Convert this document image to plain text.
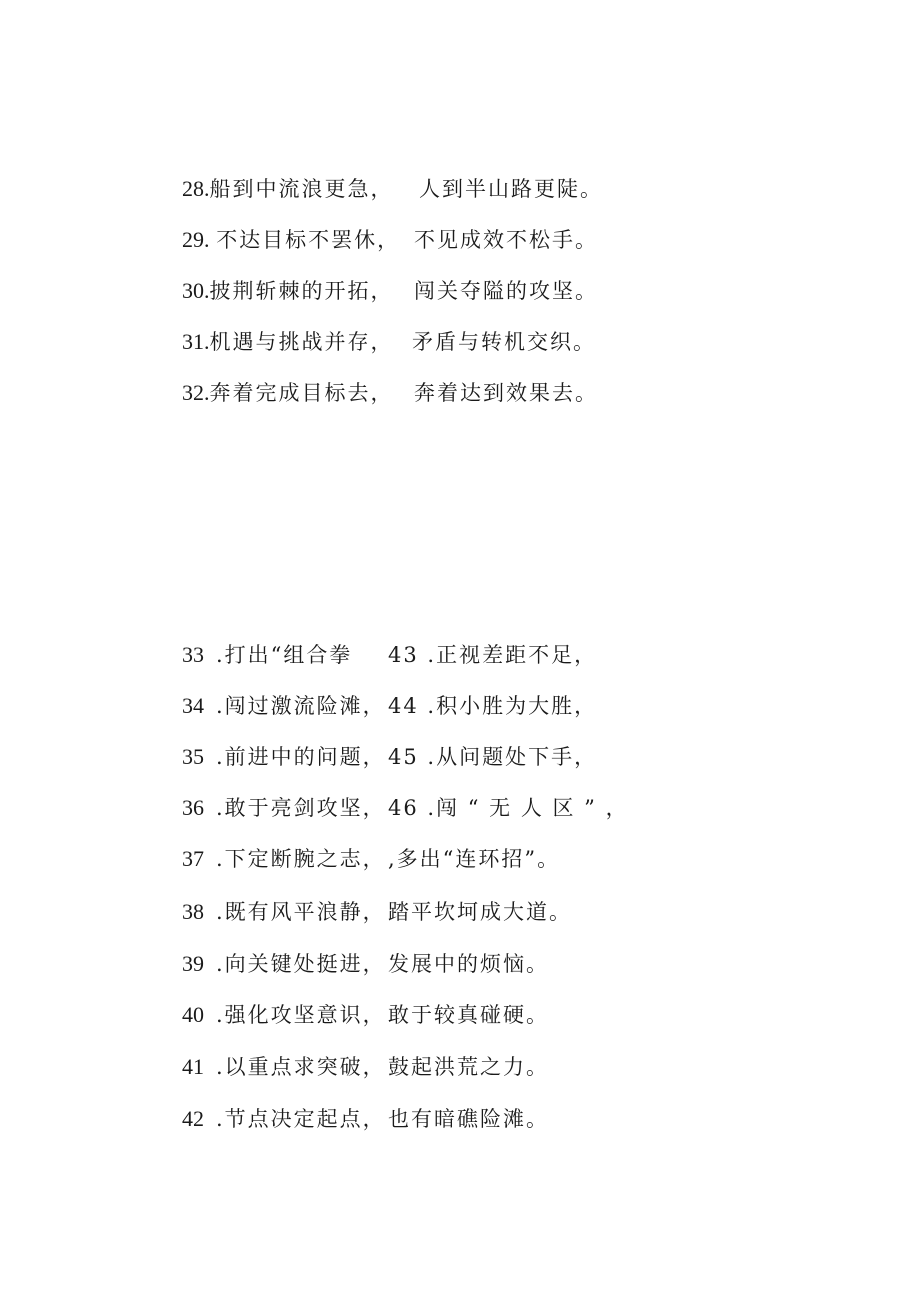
28.船到中流浪更急， 人到半山路更陡。
29. 不达目标不罢休， 不见成效不松手。
30.披荆斩棘的开拓， 闯关夺隘的攻坚。
31.机遇与挑战并存， 矛盾与转机交织。
32.奔着完成目标去， 奔着达到效果去。
33 .打出“组合拳 43 .正视差距不足，
34 .闯过激流险滩， 44 .积小胜为大胜，
35 .前进中的问题， 45 .从问题处下手，
36 .敢于亮剑攻坚， 46 .闯 “ 无 人 区 ” ，
37 .下定断腕之志， ,多出“连环招”。
38 .既有风平浪静， 踏平坎坷成大道。
39 .向关键处挺进， 发展中的烦恼。
40 .强化攻坚意识， 敢于较真碰硬。
41 .以重点求突破， 鼓起洪荒之力。
42 .节点决定起点， 也有暗礁险滩。
